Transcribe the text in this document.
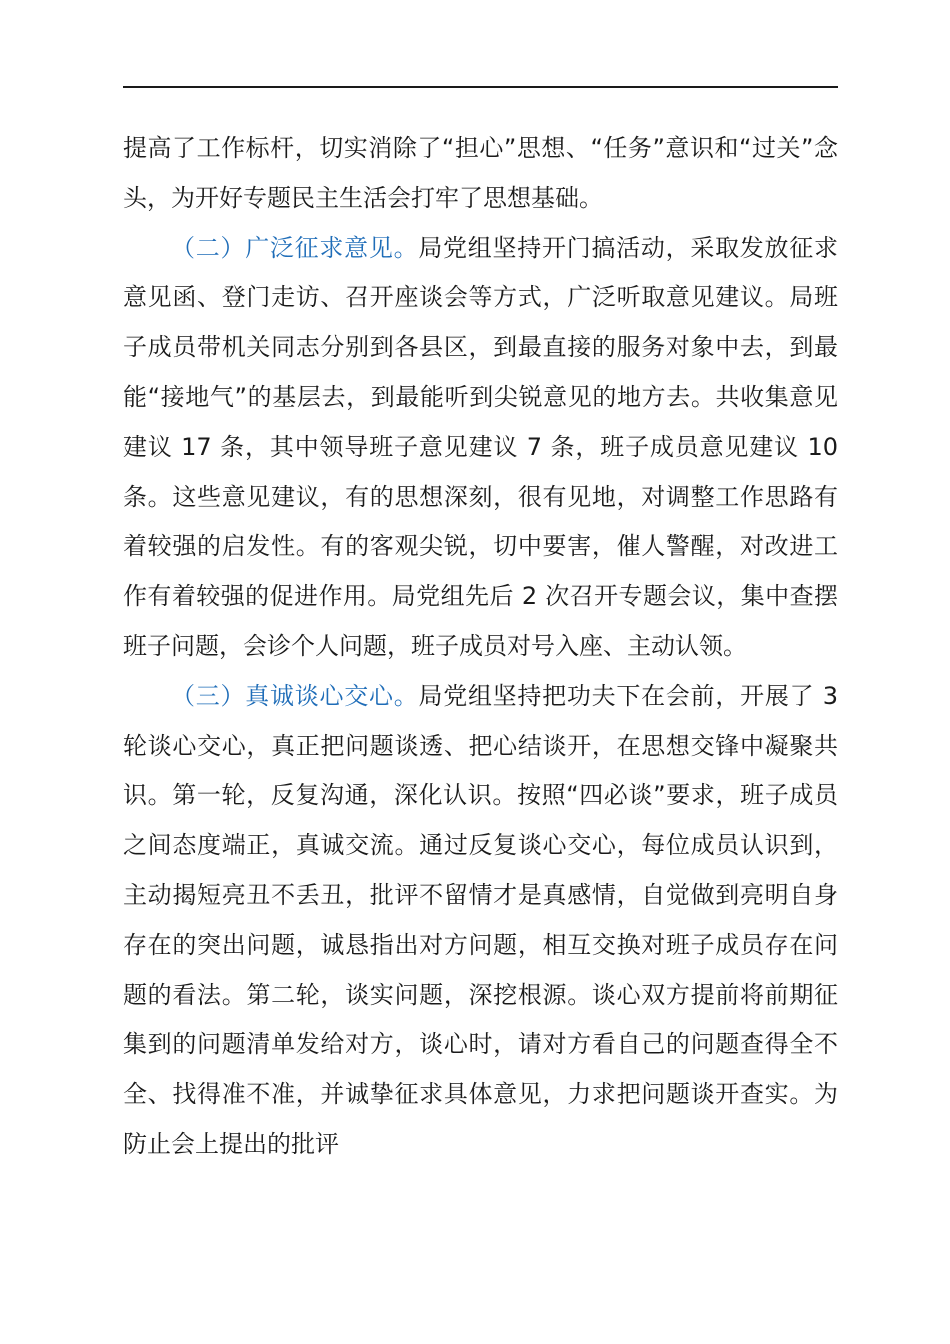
提高了工作标杆，切实消除了“担心”思想、“任务”意识和“过关”念头，为开好专题民主生活会打牢了思想基础。

（二）广泛征求意见。局党组坚持开门搞活动，采取发放征求意见函、登门走访、召开座谈会等方式，广泛听取意见建议。局班子成员带机关同志分别到各县区，到最直接的服务对象中去，到最能“接地气”的基层去，到最能听到尖锐意见的地方去。共收集意见建议 17 条，其中领导班子意见建议 7 条，班子成员意见建议 10 条。这些意见建议，有的思想深刻，很有见地，对调整工作思路有着较强的启发性。有的客观尖锐，切中要害，催人警醒，对改进工作有着较强的促进作用。局党组先后 2 次召开专题会议，集中查摆班子问题，会诊个人问题，班子成员对号入座、主动认领。

（三）真诚谈心交心。局党组坚持把功夫下在会前，开展了 3 轮谈心交心，真正把问题谈透、把心结谈开，在思想交锋中凝聚共识。第一轮，反复沟通，深化认识。按照“四必谈”要求，班子成员之间态度端正，真诚交流。通过反复谈心交心，每位成员认识到，主动揭短亮丑不丢丑，批评不留情才是真感情，自觉做到亮明自身存在的突出问题，诚恳指出对方问题，相互交换对班子成员存在问题的看法。第二轮，谈实问题，深挖根源。谈心双方提前将前期征集到的问题清单发给对方，谈心时，请对方看自己的问题查得全不全、找得准不准，并诚挚征求具体意见，力求把问题谈开查实。为防止会上提出的批评
